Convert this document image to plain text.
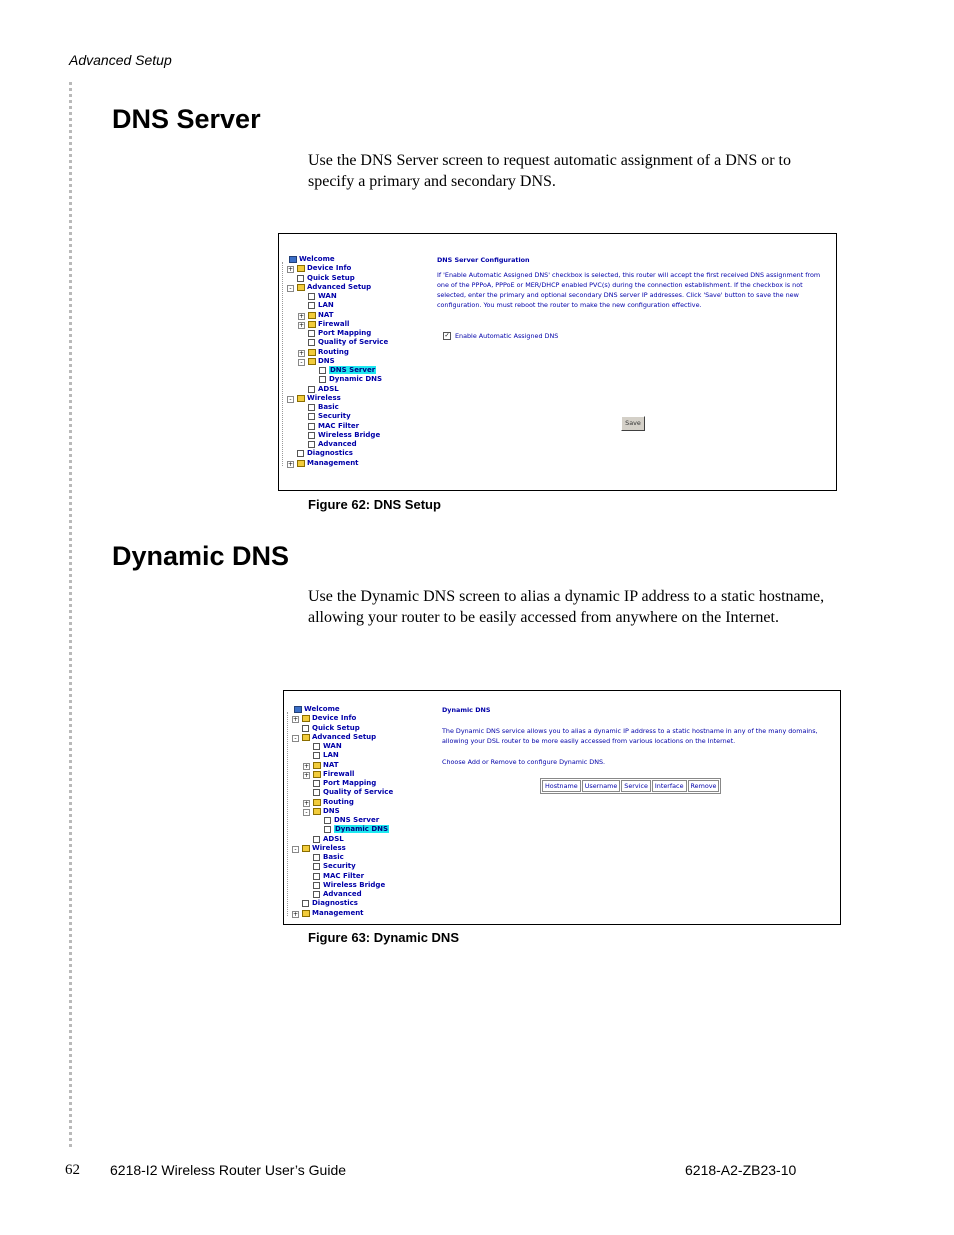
Advanced Setup
DNS Server

Use the DNS Server screen to request automatic assignment of a DNS or to specify a primary and secondary DNS.

Welcome
+ Device Info
Quick Setup
-	Advanced Setup
WAN
LAN
+ NAT
+ Firewall
Port Mapping
Quality of Service
+ Routing
-	DNS
DNS Server
Dynamic DNS
ADSL
-	Wireless
Basic
Security
MAC Filter
Wireless Bridge
Advanced
Diagnostics
+ Management
DNS Server Configuration
If 'Enable Automatic Assigned DNS' checkbox is selected, this router will accept the first received DNS assignment from
one of the PPPoA, PPPoE or MER/DHCP enabled PVC(s) during the connection establishment. If the checkbox is not
selected, enter the primary and optional secondary DNS server IP addresses. Click 'Save' button to save the new
configuration. You must reboot the router to make the new configuration effective.
✓ Enable Automatic Assigned DNS
Save
Figure 62: DNS Setup
Dynamic DNS

Use the Dynamic DNS screen to alias a dynamic IP address to a static hostname, allowing your router to be easily accessed from anywhere on the Internet.

Welcome
+ Device Info
Quick Setup
-	Advanced Setup
WAN
LAN
+ NAT
+ Firewall
Port Mapping
Quality of Service
+ Routing
-	DNS
DNS Server
Dynamic DNS
ADSL
-	Wireless
Basic
Security
MAC Filter
Wireless Bridge
Advanced
Diagnostics
+ Management
Dynamic DNS
The Dynamic DNS service allows you to alias a dynamic IP address to a static hostname in any of the many domains,
allowing your DSL router to be more easily accessed from various locations on the Internet.
Choose Add or Remove to configure Dynamic DNS.
Hostname	Username	Service	Interface	Remove
Figure 63: Dynamic DNS
62 6218-I2 Wireless Router User’s Guide	6218-A2-ZB23-10
